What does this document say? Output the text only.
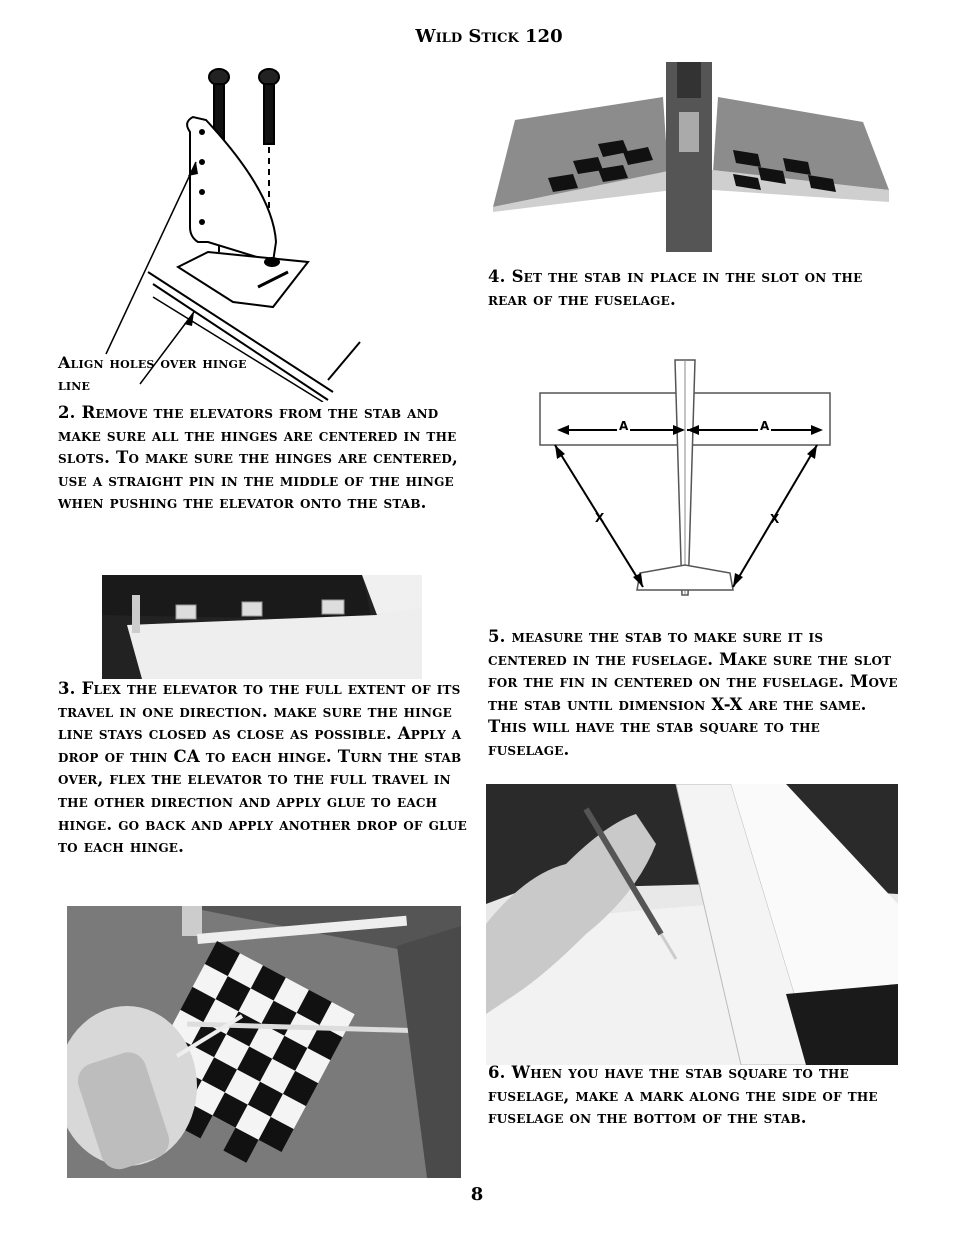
Wild Stick 120
Align holes over hinge line

2. Remove the elevators from the stab and make sure all the hinges are centered in the slots. To make sure the hinges are centered, use a straight pin in the middle of the hinge when pushing the elevator onto the stab.

3. Flex the elevator to the full extent of its travel in one direction. make sure the hinge line stays closed as close as possible. Apply a drop of thin CA to each hinge. Turn the stab over, flex the elevator to the full travel in the other direction and apply glue to each hinge. go back and apply another drop of glue to each hinge.

4. Set the stab in place in the slot on the rear of the fuselage.

A	A
X	X

5. measure the stab to make sure it is centered in the fuselage. Make sure the slot for the fin in centered on the fuselage. Move the stab until dimension X-X are the same. This will have the stab square to the fuselage.

6. When you have the stab square to the fuselage, make a mark along the side of the fuselage on the bottom of the stab.

8
